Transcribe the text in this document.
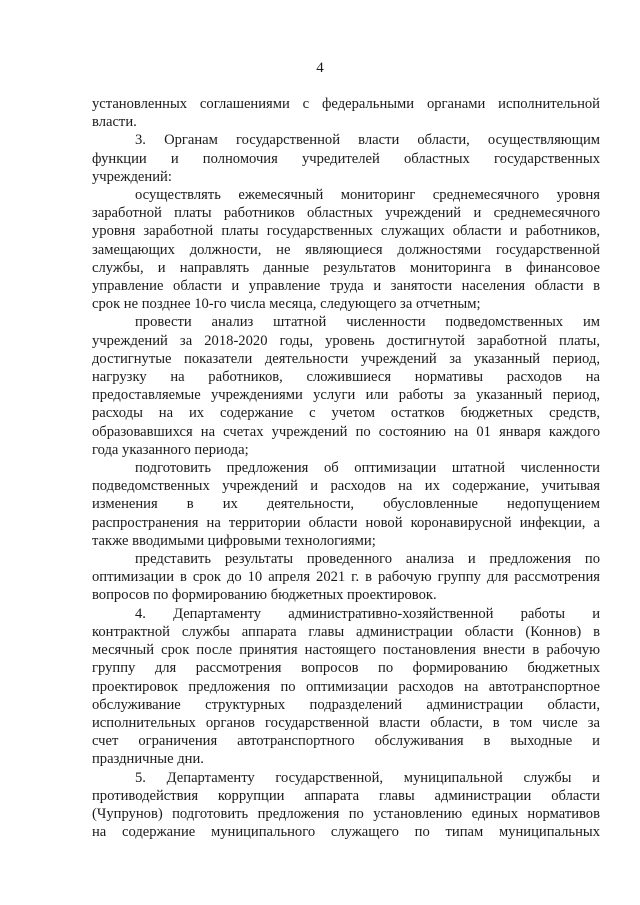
4
установленных соглашениями с федеральными органами исполнительной
власти.
3. Органам государственной власти области, осуществляющим
функции и полномочия учредителей областных государственных
учреждений:
осуществлять ежемесячный мониторинг среднемесячного уровня
заработной платы работников областных учреждений и среднемесячного
уровня заработной платы государственных служащих области и работников,
замещающих должности, не являющиеся должностями государственной
службы, и направлять данные результатов мониторинга в финансовое
управление области и управление труда и занятости населения области в
срок не позднее 10-го числа месяца, следующего за отчетным;
провести анализ штатной численности подведомственных им
учреждений за 2018-2020 годы, уровень достигнутой заработной платы,
достигнутые показатели деятельности учреждений за указанный период,
нагрузку на работников, сложившиеся нормативы расходов на
предоставляемые учреждениями услуги или работы за указанный период,
расходы на их содержание с учетом остатков бюджетных средств,
образовавшихся на счетах учреждений по состоянию на 01 января каждого
года указанного периода;
подготовить предложения об оптимизации штатной численности
подведомственных учреждений и расходов на их содержание, учитывая
изменения в их деятельности, обусловленные недопущением
распространения на территории области новой коронавирусной инфекции, а
также вводимыми цифровыми технологиями;
представить результаты проведенного анализа и предложения по
оптимизации в срок до 10 апреля 2021 г. в рабочую группу для рассмотрения
вопросов по формированию бюджетных проектировок.
4. Департаменту административно-хозяйственной работы и
контрактной службы аппарата главы администрации области (Коннов) в
месячный срок после принятия настоящего постановления внести в рабочую
группу для рассмотрения вопросов по формированию бюджетных
проектировок предложения по оптимизации расходов на автотранспортное
обслуживание структурных подразделений администрации области,
исполнительных органов государственной власти области, в том числе за
счет ограничения автотранспортного обслуживания в выходные и
праздничные дни.
5. Департаменту государственной, муниципальной службы и
противодействия коррупции аппарата главы администрации области
(Чупрунов) подготовить предложения по установлению единых нормативов
на содержание муниципального служащего по типам муниципальных
